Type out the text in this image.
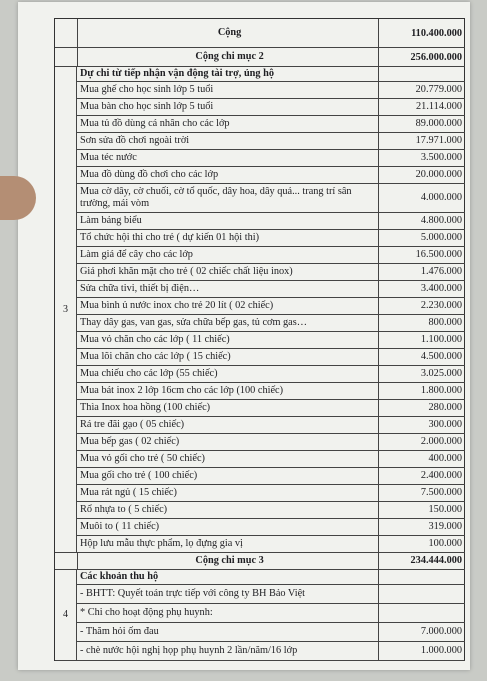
Cộng	110.400.000
Cộng chi mục 2	256.000.000
3
Dự chi từ tiếp nhận vận động tài trợ, ủng hộ
Mua ghế cho học sinh lớp 5 tuổi	20.779.000
Mua bàn cho học sinh lớp 5 tuổi	21.114.000
Mua tủ đồ dùng cá nhân cho các lớp	89.000.000
Sơn sửa đồ chơi ngoài trời	17.971.000
Mua téc nước	3.500.000
Mua đồ dùng đồ chơi cho các lớp	20.000.000
Mua cờ dây, cờ chuối, cờ tổ quốc, dây hoa, dây quả... trang trí sân trường, mái vòm	4.000.000
Làm bảng biểu	4.800.000
Tổ chức hội thi cho trẻ ( dự kiến 01 hội thi)	5.000.000
Làm giá để cây cho các lớp	16.500.000
Giá phơi khăn mặt cho trẻ ( 02 chiếc chất liệu inox)	1.476.000
Sửa chữa tivi, thiết bị điện…	3.400.000
Mua bình ủ nước inox cho trẻ 20 lít ( 02 chiếc)	2.230.000
Thay dây gas, van gas, sửa chữa bếp gas, tủ cơm gas…	800.000
Mua vỏ chăn cho các lớp ( 11 chiếc)	1.100.000
Mua lõi chăn cho các lớp ( 15 chiếc)	4.500.000
Mua chiếu cho các lớp (55 chiếc)	3.025.000
Mua bát inox 2 lớp 16cm cho các lớp (100 chiếc)	1.800.000
Thìa Inox hoa hồng (100 chiếc)	280.000
Rá tre đãi gạo ( 05 chiếc)	300.000
Mua bếp gas ( 02 chiếc)	2.000.000
Mua vỏ gối cho trẻ ( 50 chiếc)	400.000
Mua gối cho trẻ ( 100 chiếc)	2.400.000
Mua rát ngủ ( 15 chiếc)	7.500.000
Rổ nhựa to ( 5 chiếc)	150.000
Muôi to ( 11 chiếc)	319.000
Hộp lưu mẫu thực phẩm, lọ đựng gia vị	100.000
Cộng chi mục 3	234.444.000
4
Các khoản thu hộ
- BHTT: Quyết toán trực tiếp với công ty BH Bảo Việt
* Chi cho hoạt động phụ huynh:
- Thăm hỏi ốm đau	7.000.000
- chè nước hội nghị họp phụ huynh 2 lần/năm/16 lớp	1.000.000
